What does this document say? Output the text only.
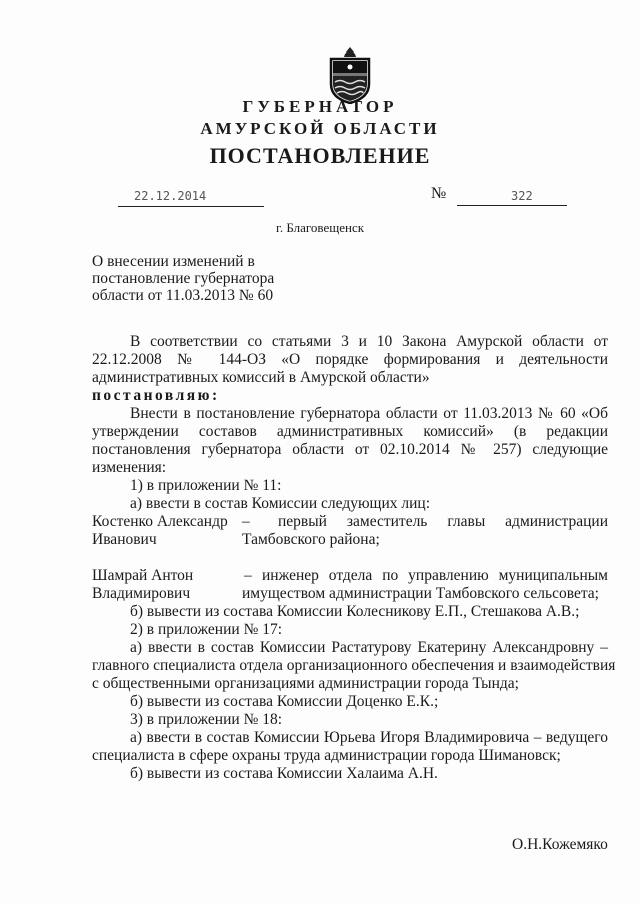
ГУБЕРНАТОР
АМУРСКОЙ ОБЛАСТИ
ПОСТАНОВЛЕНИЕ
22.12.2014	№	322
г. Благовещенск
О внесении изменений в
постановление губернатора
области от 11.03.2013 № 60
В соответствии со статьями 3 и 10 Закона Амурской области от
22.12.2008 № 144-ОЗ «О порядке формирования и деятельности
административных комиссий в Амурской области»
постановляю:
Внести в постановление губернатора области от 11.03.2013 № 60 «Об
утверждении составов административных комиссий» (в редакции
постановления губернатора области от 02.10.2014 № 257) следующие
изменения:
1) в приложении № 11:
а) ввести в состав Комиссии следующих лиц:
Костенко Александр
Иванович
– первый заместитель главы администрации
Тамбовского района;
Шамрай Антон
Владимирович
– инженер отдела по управлению муниципальным
имуществом администрации Тамбовского сельсовета;
б) вывести из состава Комиссии Колесникову Е.П., Стешакова А.В.;
2) в приложении № 17:
а) ввести в состав Комиссии Растатурову Екатерину Александровну –
главного специалиста отдела организационного обеспечения и взаимодействия
с общественными организациями администрации города Тында;
б) вывести из состава Комиссии Доценко Е.К.;
3) в приложении № 18:
а) ввести в состав Комиссии Юрьева Игоря Владимировича – ведущего
специалиста в сфере охраны труда администрации города Шимановск;
б) вывести из состава Комиссии Халаима А.Н.
О.Н.Кожемяко
